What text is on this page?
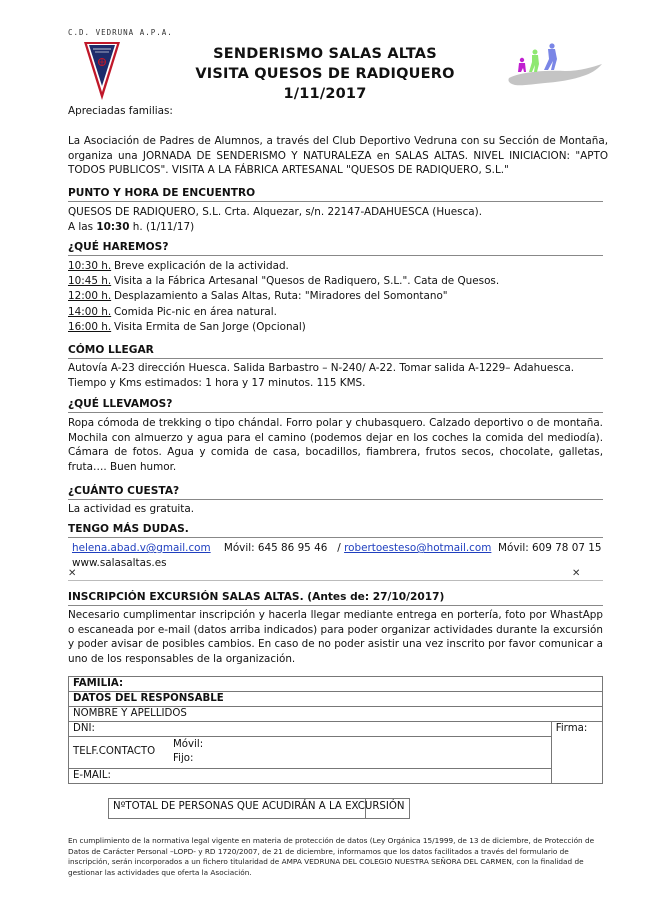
C.D. VEDRUNA A.P.A.
SENDERISMO SALAS ALTAS
VISITA QUESOS DE RADIQUERO
1/11/2017
Apreciadas familias:
La Asociación de Padres de Alumnos, a través del Club Deportivo Vedruna con su Sección de Montaña, organiza una JORNADA DE SENDERISMO Y NATURALEZA en SALAS ALTAS. NIVEL INICIACION: "APTO TODOS PUBLICOS". VISITA A LA FÁBRICA ARTESANAL "QUESOS DE RADIQUERO, S.L."
PUNTO Y HORA DE ENCUENTRO
QUESOS DE RADIQUERO, S.L. Crta. Alquezar, s/n. 22147-ADAHUESCA (Huesca).
A las 10:30 h. (1/11/17)
¿QUÉ HAREMOS?
10:30 h. Breve explicación de la actividad.
10:45 h. Visita a la Fábrica Artesanal "Quesos de Radiquero, S.L.". Cata de Quesos.
12:00 h. Desplazamiento a Salas Altas, Ruta: "Miradores del Somontano"
14:00 h. Comida Pic-nic en área natural.
16:00 h. Visita Ermita de San Jorge (Opcional)
CÓMO LLEGAR
Autovía A-23 dirección Huesca. Salida Barbastro – N-240/ A-22. Tomar salida A-1229– Adahuesca.
Tiempo y Kms estimados: 1 hora y 17 minutos. 115 KMS.
¿QUÉ LLEVAMOS?
Ropa cómoda de trekking o tipo chándal. Forro polar y chubasquero. Calzado deportivo o de montaña. Mochila con almuerzo y agua para el camino (podemos dejar en los coches la comida del mediodía). Cámara de fotos. Agua y comida de casa, bocadillos, fiambrera, frutos secos, chocolate, galletas, fruta…. Buen humor.
¿CUÁNTO CUESTA?
La actividad es gratuita.
TENGO MÁS DUDAS.
helena.abad.v@gmail.com Móvil: 645 86 95 46 / robertoesteso@hotmail.com Móvil: 609 78 07 15
www.salasaltas.es
✕	✕
INSCRIPCIÓN EXCURSIÓN SALAS ALTAS. (Antes de: 27/10/2017)
Necesario cumplimentar inscripción y hacerla llegar mediante entrega en portería, foto por WhastApp o escaneada por e-mail (datos arriba indicados) para poder organizar actividades durante la excursión y poder avisar de posibles cambios. En caso de no poder asistir una vez inscrito por favor comunicar a uno de los responsables de la organización.
FAMILIA:
DATOS DEL RESPONSABLE
NOMBRE Y APELLIDOS
DNI:	Firma:

TELF.CONTACTO
Móvil:
Fijo:

E-MAIL:
NºTOTAL DE PERSONAS QUE ACUDIRÁN A LA EXCURSIÓN
En cumplimiento de la normativa legal vigente en materia de protección de datos (Ley Orgánica 15/1999, de 13 de diciembre, de Protección de Datos de Carácter Personal –LOPD- y RD 1720/2007, de 21 de diciembre, informamos que los datos facilitados a través del formulario de inscripción, serán incorporados a un fichero titularidad de AMPA VEDRUNA DEL COLEGIO NUESTRA SEÑORA DEL CARMEN, con la finalidad de gestionar las actividades que oferta la Asociación.
